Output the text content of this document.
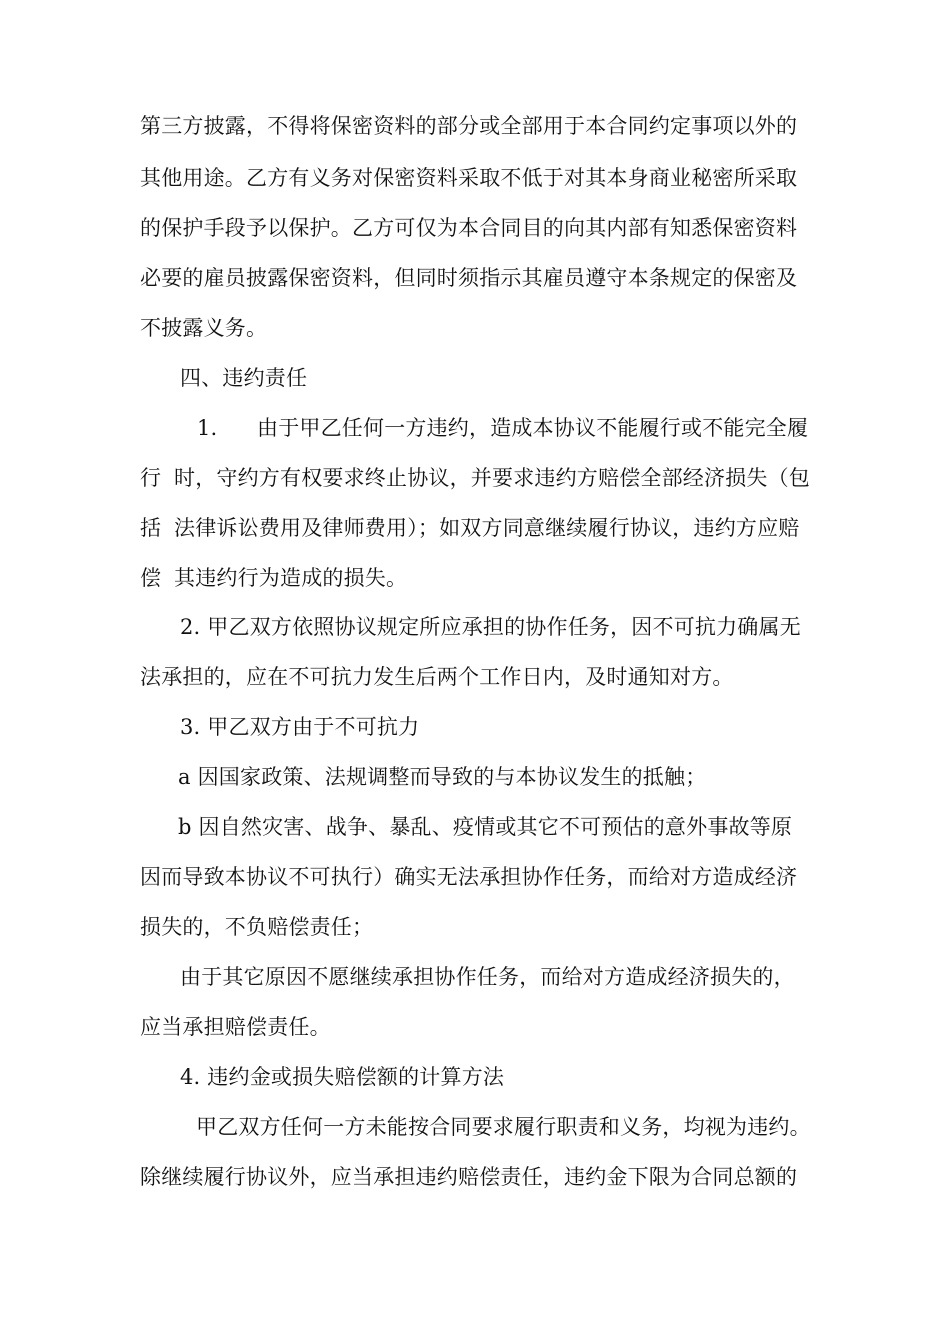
第三方披露，不得将保密资料的部分或全部用于本合同约定事项以外的
其他用途。乙方有义务对保密资料采取不低于对其本身商业秘密所采取
的保护手段予以保护。乙方可仅为本合同目的向其内部有知悉保密资料
必要的雇员披露保密资料，但同时须指示其雇员遵守本条规定的保密及
不披露义务。
四、违约责任
1.	由于甲乙任何一方违约，造成本协议不能履行或不能完全履
行 时，守约方有权要求终止协议，并要求违约方赔偿全部经济损失（包
括 法律诉讼费用及律师费用）；如双方同意继续履行协议，违约方应赔
偿 其违约行为造成的损失。
2. 甲乙双方依照协议规定所应承担的协作任务，因不可抗力确属无
法承担的，应在不可抗力发生后两个工作日内，及时通知对方。
3. 甲乙双方由于不可抗力
a 因国家政策、法规调整而导致的与本协议发生的抵触；
b 因自然灾害、战争、暴乱、疫情或其它不可预估的意外事故等原
因而导致本协议不可执行）确实无法承担协作任务，而给对方造成经济
损失的，不负赔偿责任；
由于其它原因不愿继续承担协作任务，而给对方造成经济损失的，
应当承担赔偿责任。
4. 违约金或损失赔偿额的计算方法
甲乙双方任何一方未能按合同要求履行职责和义务，均视为违约。
除继续履行协议外，应当承担违约赔偿责任，违约金下限为合同总额的
